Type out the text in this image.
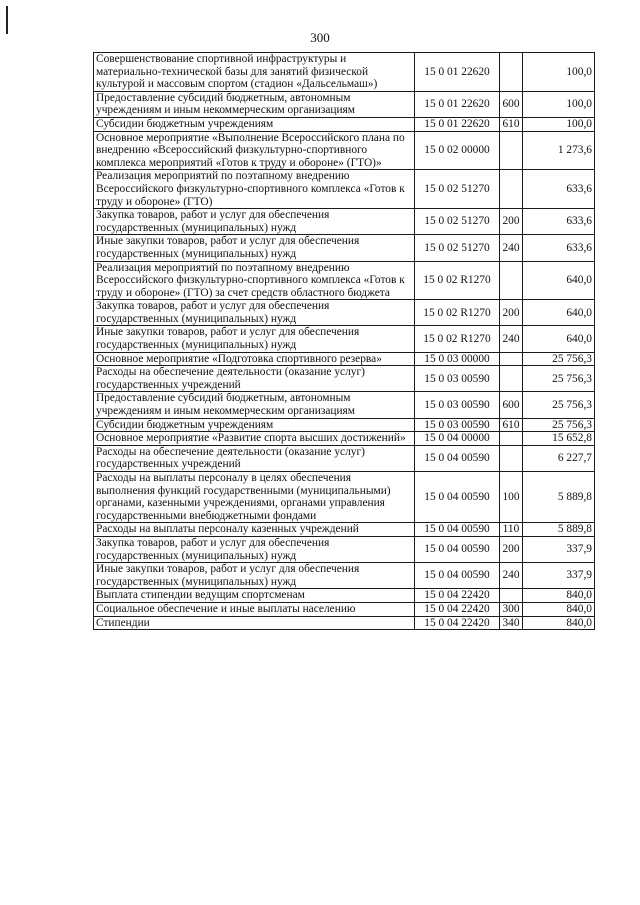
300
Совершенствование спортивной инфраструктуры и материально-технической базы для занятий физической культурой и массовым спортом (стадион «Дальсельмаш»)	15 0 01 22620		100,0
Предоставление субсидий бюджетным, автономным учреждениям и иным некоммерческим организациям	15 0 01 22620	600	100,0
Субсидии бюджетным учреждениям	15 0 01 22620	610	100,0
Основное мероприятие «Выполнение Всероссийского плана по внедрению «Всероссийский физкультурно-спортивного комплекса мероприятий «Готов к труду и обороне» (ГТО)»	15 0 02 00000		1 273,6
Реализация мероприятий по поэтапному внедрению Всероссийского физкультурно-спортивного комплекса «Готов к труду и обороне» (ГТО)	15 0 02 51270		633,6
Закупка товаров, работ и услуг для обеспечения государственных (муниципальных) нужд	15 0 02 51270	200	633,6
Иные закупки товаров, работ и услуг для обеспечения государственных (муниципальных) нужд	15 0 02 51270	240	633,6
Реализация мероприятий по поэтапному внедрению Всероссийского физкультурно-спортивного комплекса «Готов к труду и обороне» (ГТО) за счет средств областного бюджета	15 0 02 R1270		640,0
Закупка товаров, работ и услуг для обеспечения государственных (муниципальных) нужд	15 0 02 R1270	200	640,0
Иные закупки товаров, работ и услуг для обеспечения государственных (муниципальных) нужд	15 0 02 R1270	240	640,0
Основное мероприятие «Подготовка спортивного резерва»	15 0 03 00000		25 756,3
Расходы на обеспечение деятельности (оказание услуг) государственных учреждений	15 0 03 00590		25 756,3
Предоставление субсидий бюджетным, автономным учреждениям и иным некоммерческим организациям	15 0 03 00590	600	25 756,3
Субсидии бюджетным учреждениям	15 0 03 00590	610	25 756,3
Основное мероприятие «Развитие спорта высших достижений»	15 0 04 00000		15 652,8
Расходы на обеспечение деятельности (оказание услуг) государственных учреждений	15 0 04 00590		6 227,7
Расходы на выплаты персоналу в целях обеспечения выполнения функций государственными (муниципальными) органами, казенными учреждениями, органами управления государственными внебюджетными фондами	15 0 04 00590	100	5 889,8
Расходы на выплаты персоналу казенных учреждений	15 0 04 00590	110	5 889,8
Закупка товаров, работ и услуг для обеспечения государственных (муниципальных) нужд	15 0 04 00590	200	337,9
Иные закупки товаров, работ и услуг для обеспечения государственных (муниципальных) нужд	15 0 04 00590	240	337,9
Выплата стипендии ведущим спортсменам	15 0 04 22420		840,0
Социальное обеспечение и иные выплаты населению	15 0 04 22420	300	840,0
Стипендии	15 0 04 22420	340	840,0
